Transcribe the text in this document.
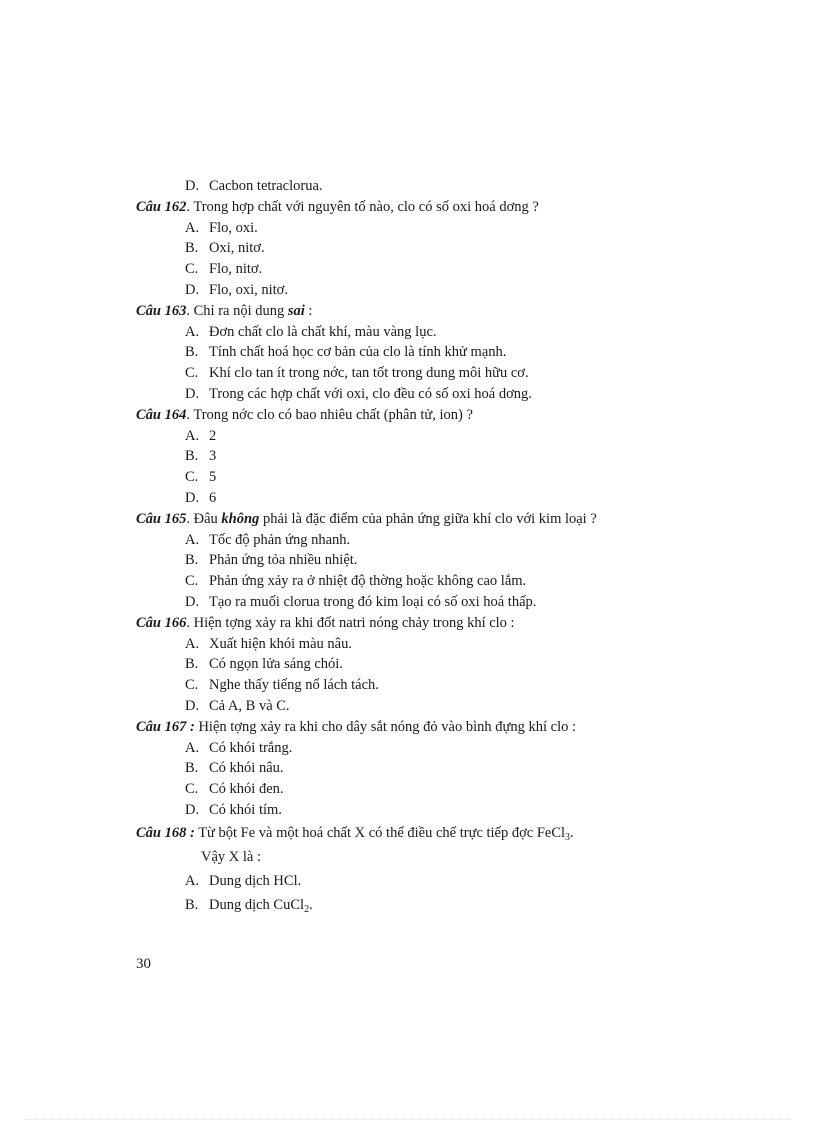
D. Cacbon tetraclorua.
Câu 162. Trong hợp chất với nguyên tố nào, clo có số oxi hoá dơng ?
A. Flo, oxi.
B. Oxi, nitơ.
C. Flo, nitơ.
D. Flo, oxi, nitơ.
Câu 163. Chỉ ra nội dung sai :
A. Đơn chất clo là chất khí, màu vàng lục.
B. Tính chất hoá học cơ bản của clo là tính khử mạnh.
C. Khí clo tan ít trong nớc, tan tốt trong dung môi hữu cơ.
D. Trong các hợp chất với oxi, clo đều có số oxi hoá dơng.
Câu 164. Trong nớc clo có bao nhiêu chất (phân tử, ion) ?
A. 2
B. 3
C. 5
D. 6
Câu 165. Đâu không phải là đặc điểm của phản ứng giữa khí clo với kim loại ?
A. Tốc độ phản ứng nhanh.
B. Phản ứng tỏa nhiều nhiệt.
C. Phản ứng xảy ra ở nhiệt độ thờng hoặc không cao lắm.
D. Tạo ra muối clorua trong đó kim loại có số oxi hoá thấp.
Câu 166. Hiện tợng xảy ra khi đốt natri nóng chảy trong khí clo :
A. Xuất hiện khói màu nâu.
B. Có ngọn lửa sáng chói.
C. Nghe thấy tiếng nổ lách tách.
D. Cả A, B và C.
Câu 167 : Hiện tợng xảy ra khi cho dây sắt nóng đỏ vào bình đựng khí clo :
A. Có khói trắng.
B. Có khói nâu.
C. Có khói đen.
D. Có khói tím.
Câu 168 : Từ bột Fe và một hoá chất X có thể điều chế trực tiếp đợc FeCl$_3$.
Vậy X là :
A. Dung dịch HCl.
B. Dung dịch CuCl$_2$.
30
